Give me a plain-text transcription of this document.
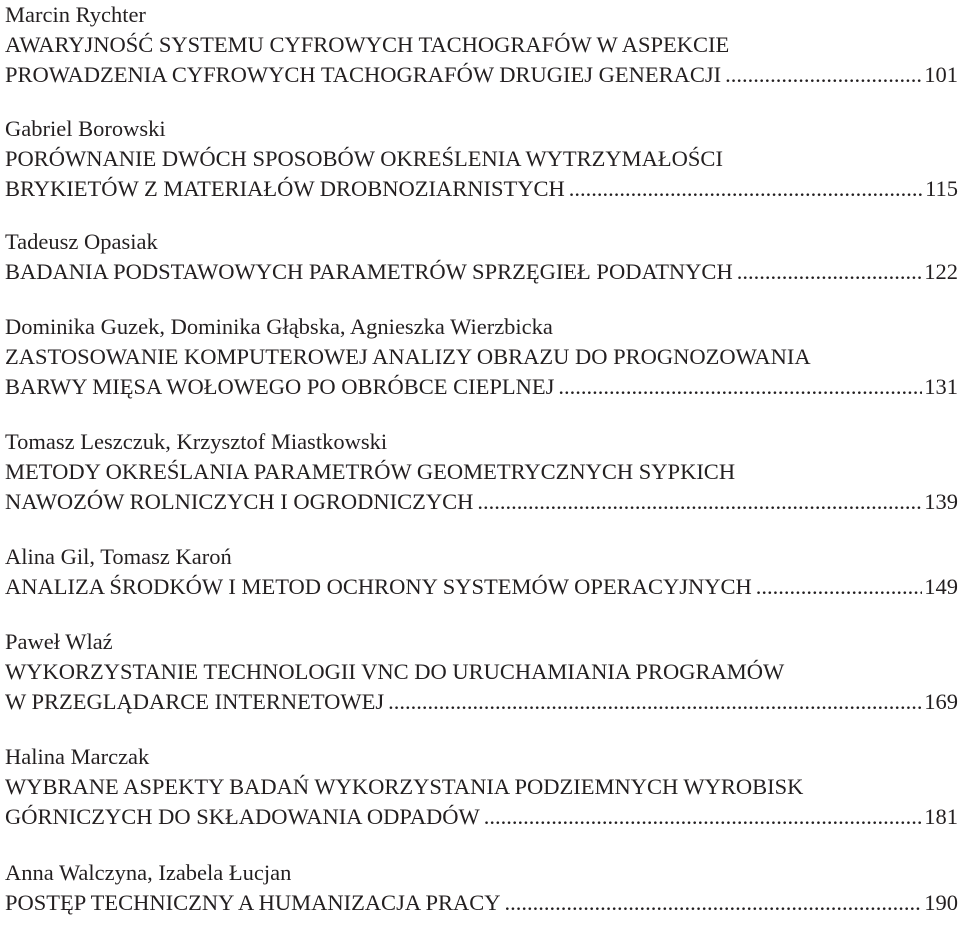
Marcin Rychter
AWARYJNOŚĆ SYSTEMU CYFROWYCH TACHOGRAFÓW W ASPEKCIE
PROWADZENIA CYFROWYCH TACHOGRAFÓW DRUGIEJ GENERACJI .....	101
Gabriel Borowski
PORÓWNANIE DWÓCH SPOSOBÓW OKREŚLENIA WYTRZYMAŁOŚCI
BRYKIETÓW Z MATERIAŁÓW DROBNOZIARNISTYCH .....	115
Tadeusz Opasiak
BADANIA PODSTAWOWYCH PARAMETRÓW SPRZĘGIEŁ PODATNYCH .....	122
Dominika Guzek, Dominika Głąbska, Agnieszka Wierzbicka
ZASTOSOWANIE KOMPUTEROWEJ ANALIZY OBRAZU DO PROGNOZOWANIA
BARWY MIĘSA WOŁOWEGO PO OBRÓBCE CIEPLNEJ .....	131
Tomasz Leszczuk, Krzysztof Miastkowski
METODY OKREŚLANIA PARAMETRÓW GEOMETRYCZNYCH SYPKICH
NAWOZÓW ROLNICZYCH I OGRODNICZYCH .....	139
Alina Gil, Tomasz Karoń
ANALIZA ŚRODKÓW I METOD OCHRONY SYSTEMÓW OPERACYJNYCH .....	149
Paweł Wlaź
WYKORZYSTANIE TECHNOLOGII VNC DO URUCHAMIANIA PROGRAMÓW
W PRZEGLĄDARCE INTERNETOWEJ .....	169
Halina Marczak
WYBRANE ASPEKTY BADAŃ WYKORZYSTANIA PODZIEMNYCH WYROBISK
GÓRNICZYCH DO SKŁADOWANIA ODPADÓW .....	181
Anna Walczyna, Izabela Łucjan
POSTĘP TECHNICZNY A HUMANIZACJA PRACY .....	190
